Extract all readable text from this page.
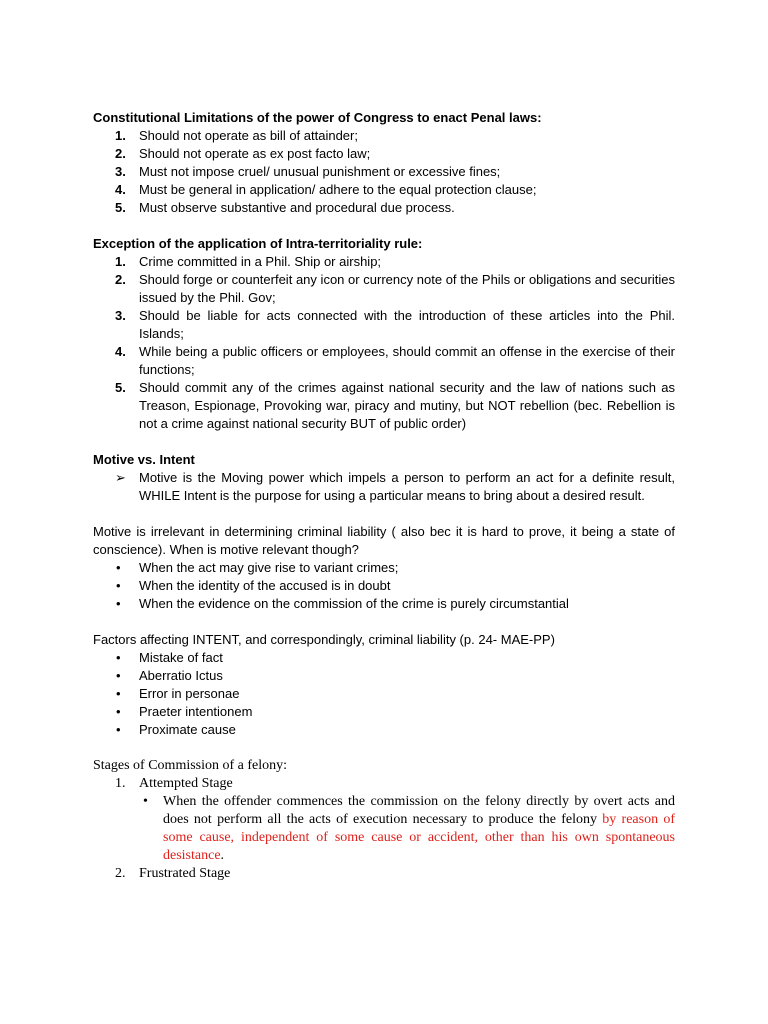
Constitutional Limitations of the power of Congress to enact Penal laws:

1.	Should not operate as bill of attainder;
2.	Should not operate as ex post facto law;
3.	Must not impose cruel/ unusual punishment or excessive fines;
4.	Must be general in application/ adhere to the equal protection clause;
5.	Must observe substantive and procedural due process.

Exception of the application of Intra-territoriality rule:

1.	Crime committed in a Phil. Ship or airship;
2.	Should forge or counterfeit any icon or currency note of the Phils or obligations and securities issued by the Phil. Gov;
3.	Should be liable for acts connected with the introduction of these articles into the Phil. Islands;
4.	While being a public officers or employees, should commit an offense in the exercise of their functions;
5.	Should commit any of the crimes against national security and the law of nations such as Treason, Espionage, Provoking war, piracy and mutiny, but NOT rebellion (bec. Rebellion is not a crime against national security BUT of public order)

Motive vs. Intent

➢ Motive is the Moving power which impels a person to perform an act for a definite result, WHILE Intent is the purpose for using a particular means to bring about a desired result.

Motive is irrelevant in determining criminal liability ( also bec it is hard to prove, it being a state of conscience). When is motive relevant though?

•	When the act may give rise to variant crimes;
•	When the identity of the accused is in doubt
•	When the evidence on the commission of the crime is purely circumstantial

Factors affecting INTENT, and correspondingly, criminal liability (p. 24- MAE-PP)

•	Mistake of fact
•	Aberratio Ictus
•	Error in personae
•	Praeter intentionem
•	Proximate cause

Stages of Commission of a felony:

1. Attempted Stage
•	When the offender commences the commission on the felony directly by overt acts and does not perform all the acts of execution necessary to produce the felony by reason of some cause, independent of some cause or accident, other than his own spontaneous desistance.
2. Frustrated Stage
